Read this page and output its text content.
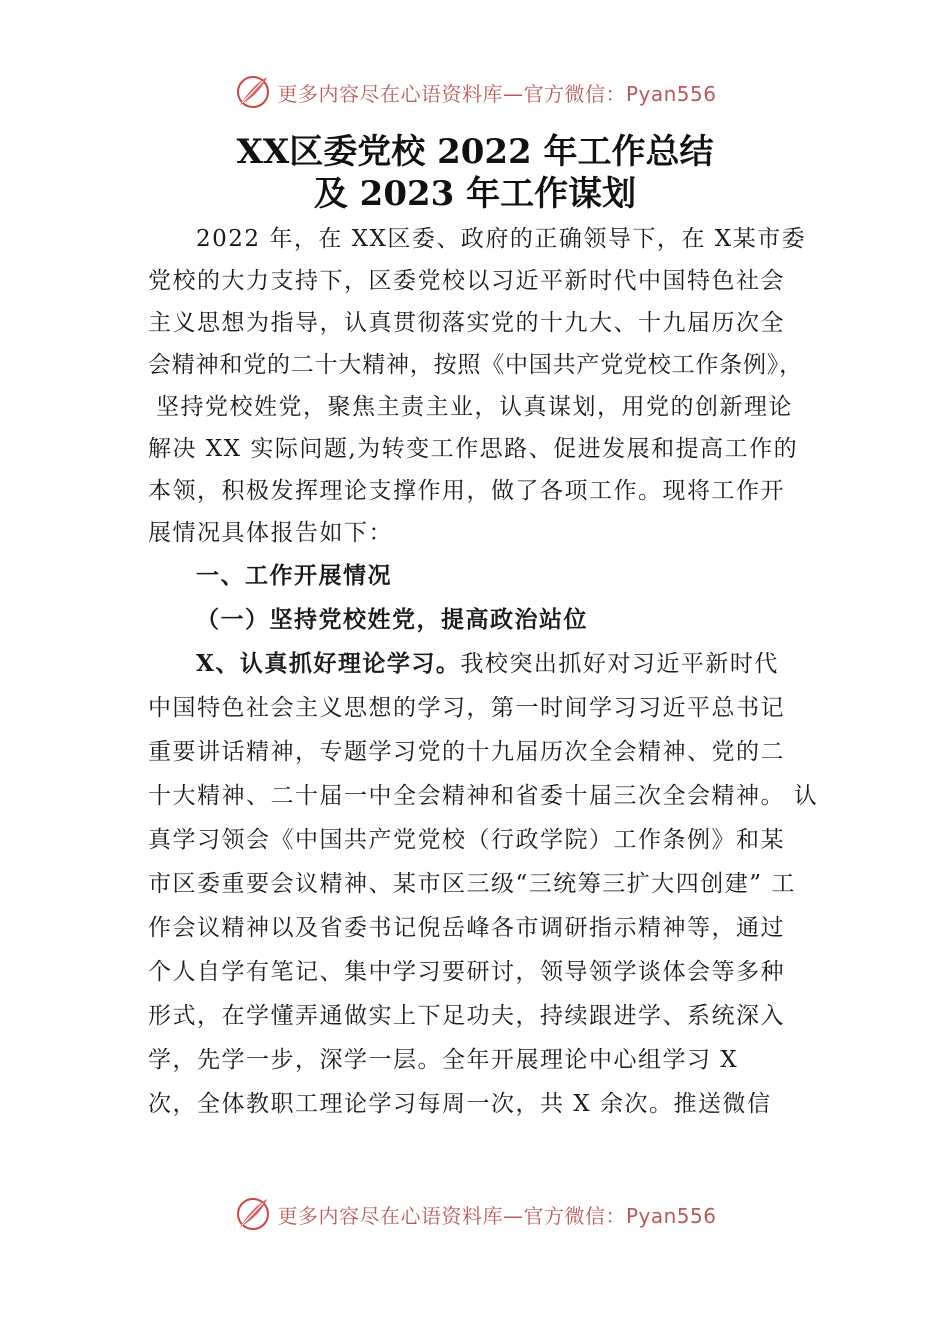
更多内容尽在心语资料库—官方微信：Pyan556
XX区委党校 2022 年工作总结
及 2023 年工作谋划
2022 年，在 XX区委、政府的正确领导下，在 X某市委
党校的大力支持下，区委党校以习近平新时代中国特色社会
主义思想为指导，认真贯彻落实党的十九大、十九届历次全
会精神和党的二十大精神，按照《中国共产党党校工作条例》，
坚持党校姓党，聚焦主责主业，认真谋划，用党的创新理论
解决 XX 实际问题,为转变工作思路、促进发展和提高工作的
本领，积极发挥理论支撑作用，做了各项工作。现将工作开
展情况具体报告如下：
一、工作开展情况
（一）坚持党校姓党，提高政治站位
X、认真抓好理论学习。我校突出抓好对习近平新时代
中国特色社会主义思想的学习，第一时间学习习近平总书记
重要讲话精神，专题学习党的十九届历次全会精神、党的二
十大精神、二十届一中全会精神和省委十届三次全会精神。 认
真学习领会《中国共产党党校（行政学院）工作条例》和某
市区委重要会议精神、某市区三级“三统筹三扩大四创建” 工
作会议精神以及省委书记倪岳峰各市调研指示精神等，通过
个人自学有笔记、集中学习要研讨，领导领学谈体会等多种
形式，在学懂弄通做实上下足功夫，持续跟进学、系统深入
学，先学一步，深学一层。全年开展理论中心组学习 X
次，全体教职工理论学习每周一次，共 X 余次。推送微信
更多内容尽在心语资料库—官方微信：Pyan556
